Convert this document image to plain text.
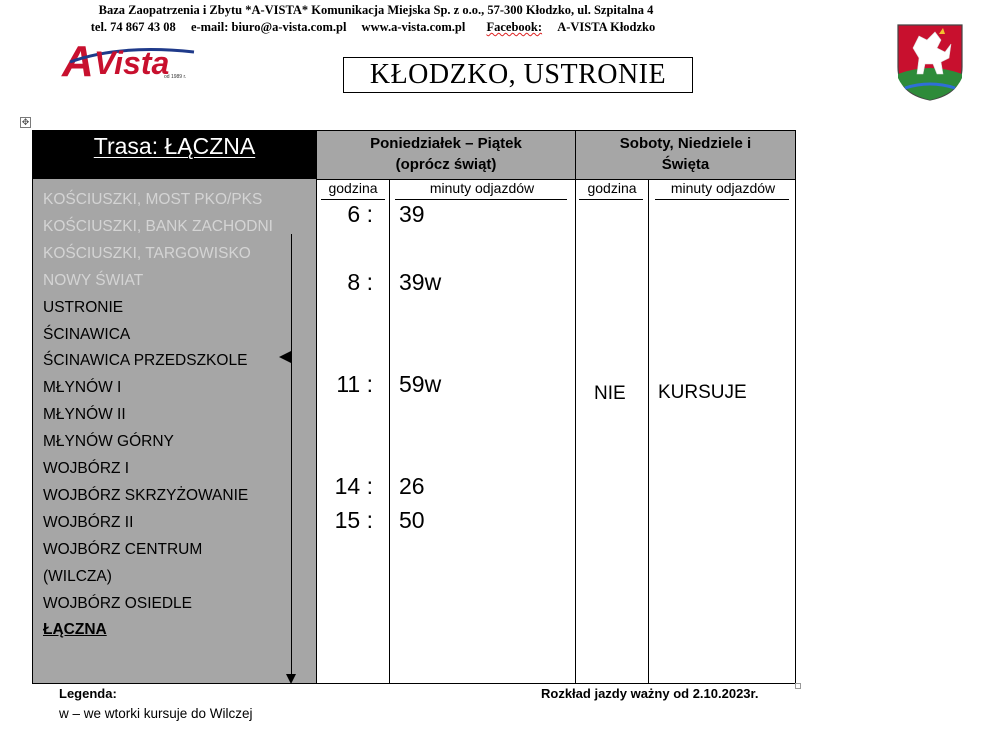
Baza Zaopatrzenia i Zbytu *A-VISTA* Komunikacja Miejska Sp. z o.o., 57-300 Kłodzko, ul. Szpitalna 4
tel. 74 867 43 08 e-mail: biuro@a-vista.com.pl www.a-vista.com.pl Facebook: A-VISTA Kłodzko
A Vista
od 1989 r.	KŁODZKO, USTRONIE
✥
Trasa: ŁĄCZNA
KOŚCIUSZKI, MOST PKO/PKS
KOŚCIUSZKI, BANK ZACHODNI
KOŚCIUSZKI, TARGOWISKO
NOWY ŚWIAT
USTRONIE
ŚCINAWICA
ŚCINAWICA PRZEDSZKOLE
MŁYNÓW I
MŁYNÓW II
MŁYNÓW GÓRNY
WOJBÓRZ I
WOJBÓRZ SKRZYŻOWANIE
WOJBÓRZ II
WOJBÓRZ CENTRUM
(WILCZA)
WOJBÓRZ OSIEDLE
ŁĄCZNA
Poniedziałek – Piątek
(oprócz świąt)
Soboty, Niedziele i
Święta
godzina	minuty odjazdów	godzina	minuty odjazdów
6 : 39
8 : 39w
11 : 59w
14 : 26
15 : 50
NIE KURSUJE
Legenda:
w – we wtorki kursuje do Wilczej
Rozkład jazdy ważny od 2.10.2023r.
